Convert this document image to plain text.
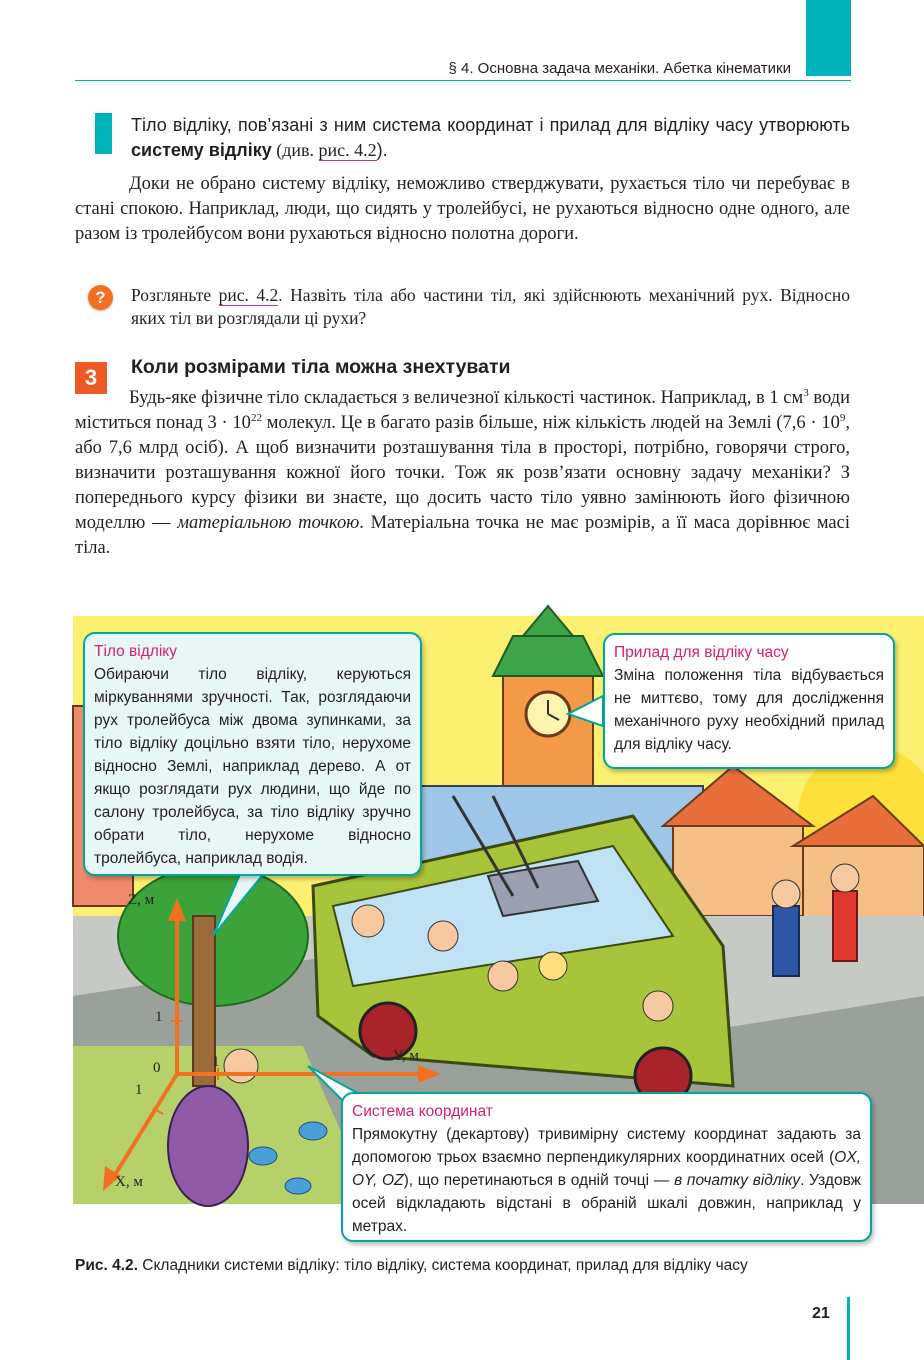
§ 4. Основна задача механіки. Абетка кінематики
Тіло відліку, пов’язані з ним система координат і прилад для відліку часу утворюють систему відліку (див. рис. 4.2).
Доки не обрано систему відліку, неможливо стверджувати, рухається тіло чи перебуває в стані спокою. Наприклад, люди, що сидять у тролейбусі, не рухаються відносно одне одного, але разом із тролейбусом вони рухаються відносно полотна дороги.
?	Розгляньте рис. 4.2. Назвіть тіла або частини тіл, які здійснюють механічний рух. Відносно яких тіл ви розглядали ці рухи?
3	Коли розмірами тіла можна знехтувати
Будь-яке фізичне тіло складається з величезної кількості частинок. Наприклад, в 1 $см^3$ води міститься понад $3 \cdot 10^{22}$ молекул. Це в багато разів більше, ніж кількість людей на Землі ($7,6 \cdot 10^9$, або 7,6 млрд осіб). А щоб визначити розташування тіла в просторі, потрібно, говорячи строго, визначити розташування кожної його точки. Тож як розв’язати основну задачу механіки? З попереднього курсу фізики ви знаєте, що досить часто тіло уявно замінюють його фізичною моделлю — матеріальною точкою. Матеріальна точка не має розмірів, а її маса дорівнює масі тіла.
Z, м
Y, м
X, м
0
1
1
1
Тіло відліку
Обираючи тіло відліку, керуються міркуваннями зручності. Так, розглядаючи рух тролейбуса між двома зупинками, за тіло відліку доцільно взяти тіло, нерухоме відносно Землі, наприклад дерево. А от якщо розглядати рух людини, що йде по салону тролейбуса, за тіло відліку зручно обрати тіло, нерухоме відносно тролейбуса, наприклад водія.
Прилад для відліку часу
Зміна положення тіла відбувається не миттєво, тому для дослідження механічного руху необхідний прилад для відліку часу.
Система координат
Прямокутну (декартову) тривимірну систему координат задають за допомогою трьох взаємно перпендикулярних координатних осей (OX, OY, OZ), що перетинаються в одній точці — в початку відліку. Уздовж осей відкладають відстані в обраній шкалі довжин, наприклад у метрах.
Рис. 4.2. Складники системи відліку: тіло відліку, система координат, прилад для відліку часу
21
